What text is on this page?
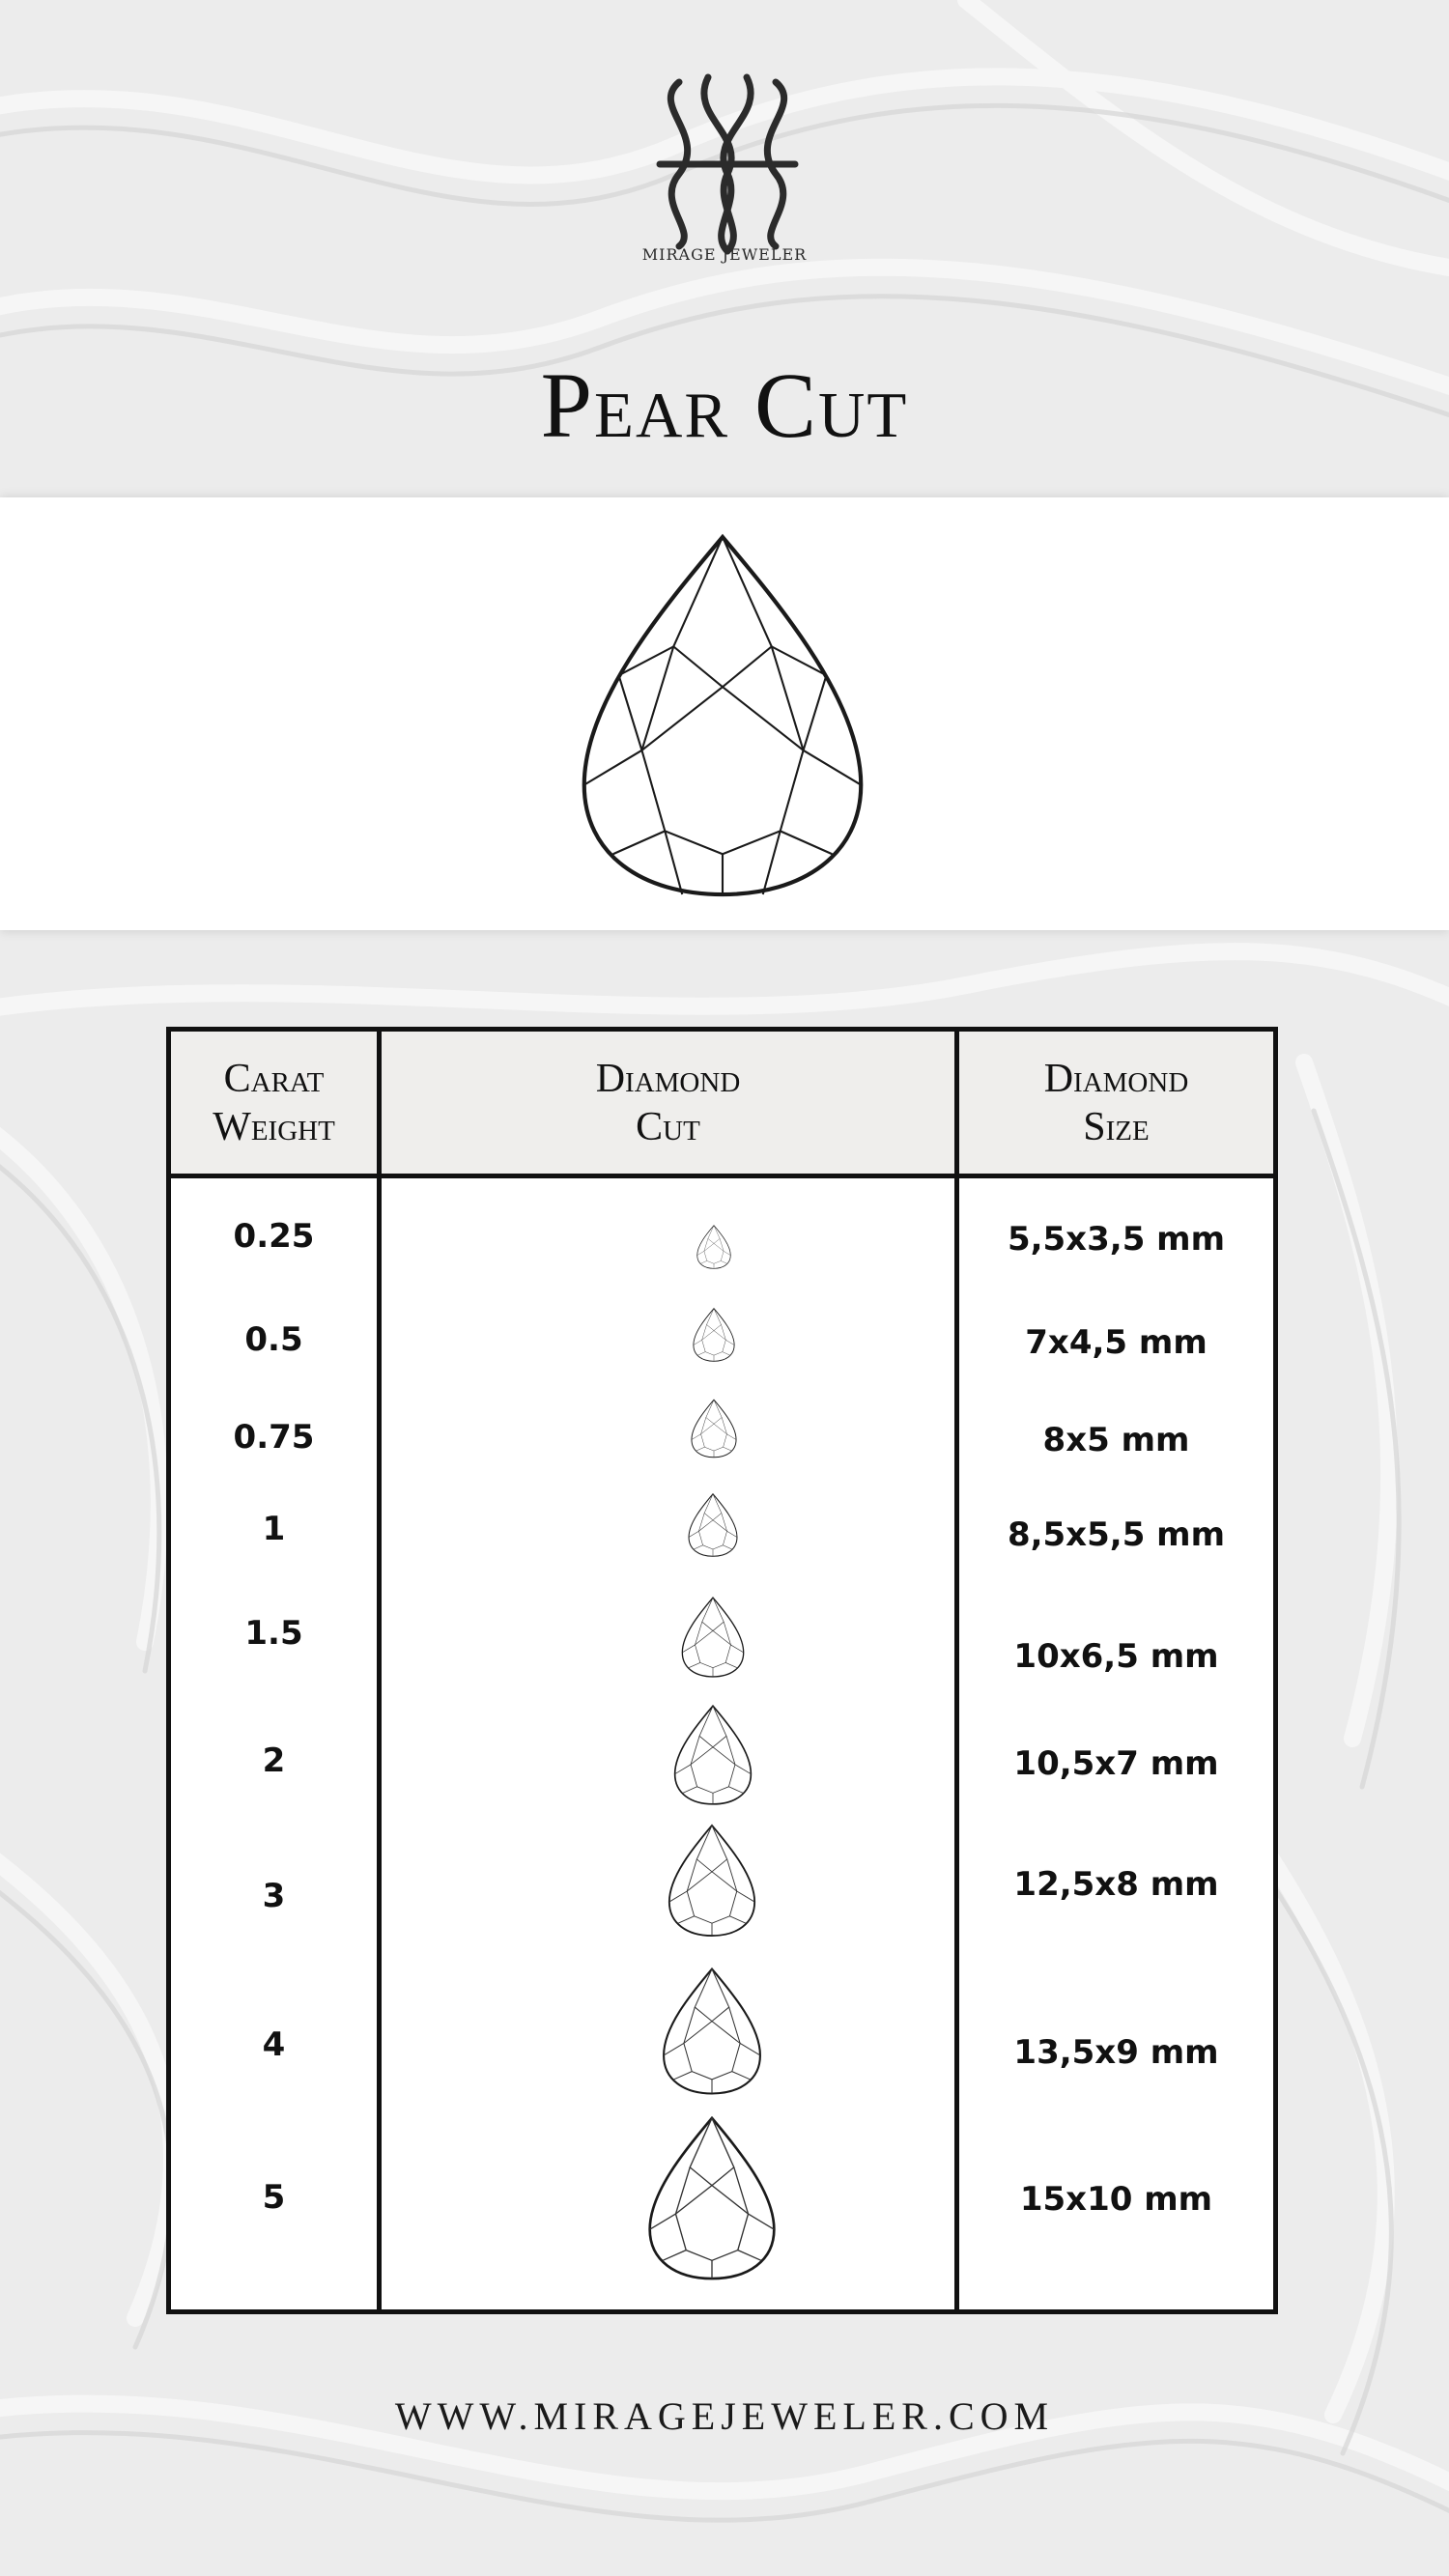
MIRAGE JEWELER
Pear Cut
Carat
Weight
Diamond
Cut
Diamond
Size
0.25
0.5
0.75
1
1.5
2
3
4
5
5,5x3,5 mm
7x4,5 mm
8x5 mm
8,5x5,5 mm
10x6,5 mm
10,5x7 mm
12,5x8 mm
13,5x9 mm
15x10 mm
WWW.MIRAGEJEWELER.COM
